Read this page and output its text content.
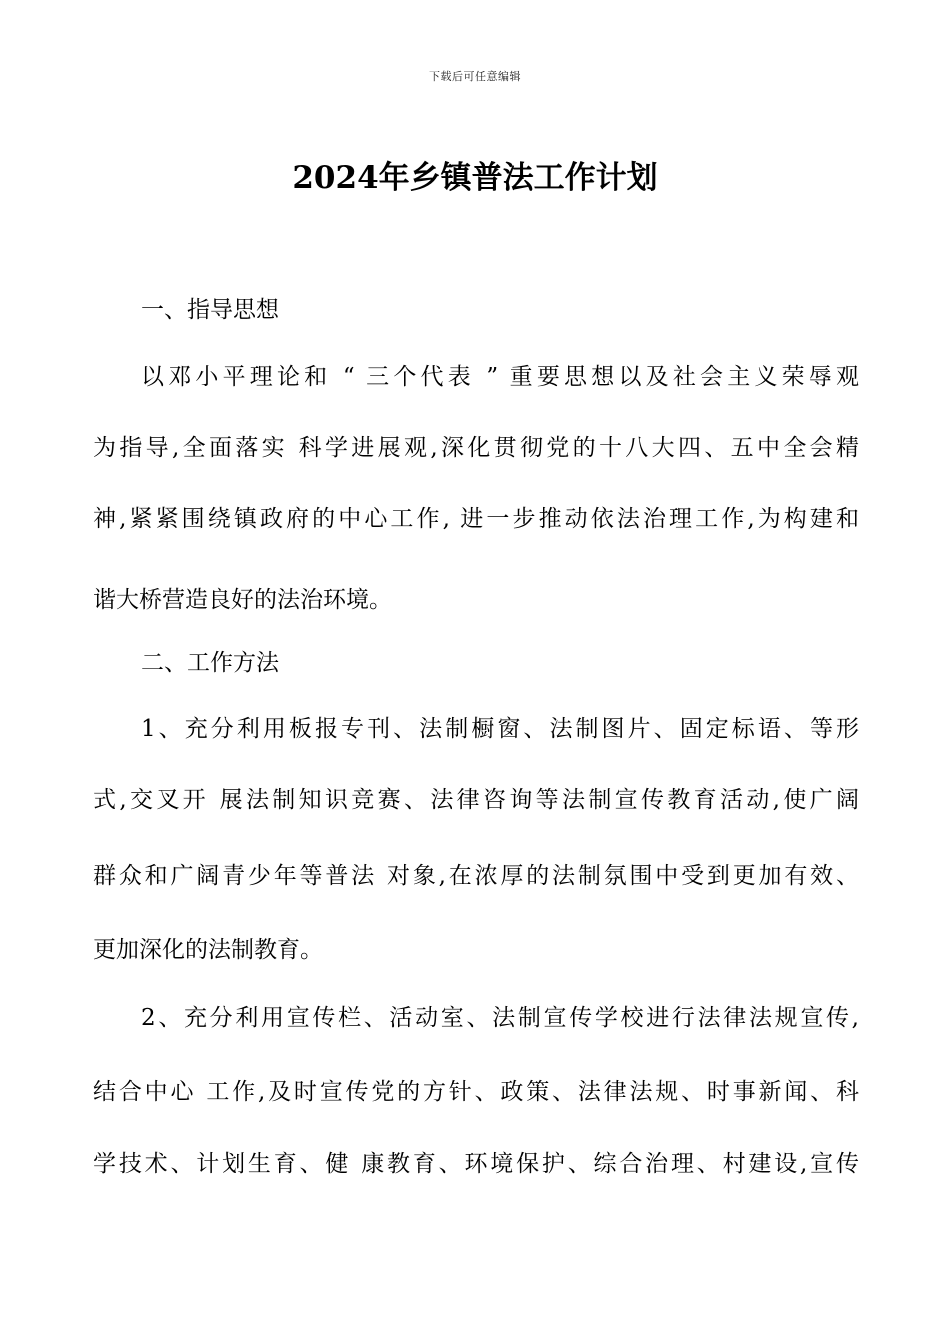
下载后可任意编辑
2024年乡镇普法工作计划
一、指导思想
以邓小平理论和 “ 三个代表 ” 重要思想以及社会主义荣辱观
为指导,全面落实 科学进展观,深化贯彻党的十八大四、五中全会精
神,紧紧围绕镇政府的中心工作, 进一步推动依法治理工作,为构建和
谐大桥营造良好的法治环境。
二、工作方法
1、充分利用板报专刊、法制橱窗、法制图片、固定标语、等形
式,交叉开 展法制知识竞赛、法律咨询等法制宣传教育活动,使广阔
群众和广阔青少年等普法 对象,在浓厚的法制氛围中受到更加有效、
更加深化的法制教育。
2、充分利用宣传栏、活动室、法制宣传学校进行法律法规宣传,
结合中心 工作,及时宣传党的方针、政策、法律法规、时事新闻、科
学技术、计划生育、健 康教育、环境保护、综合治理、村建设,宣传
